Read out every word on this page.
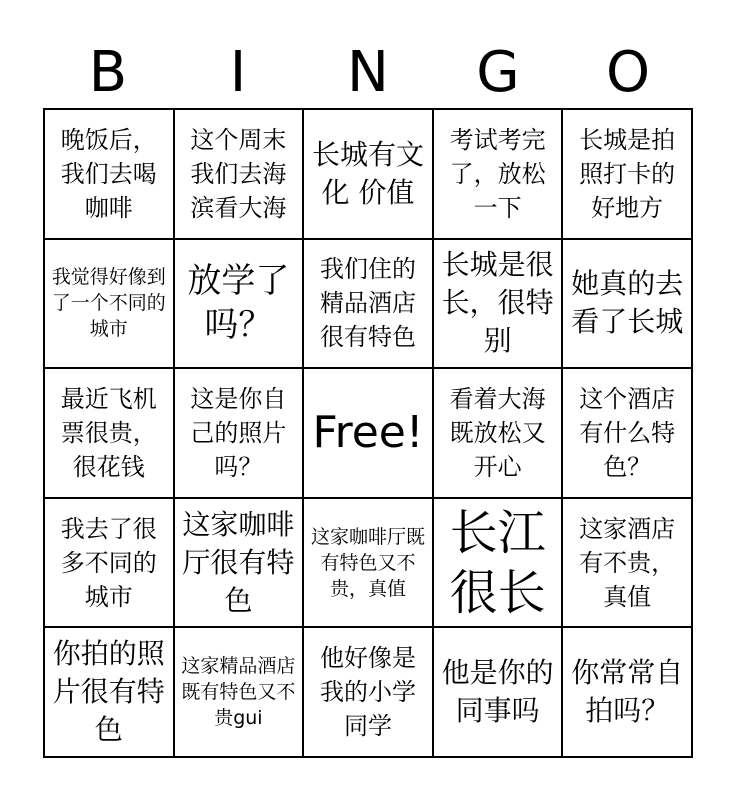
B	I	N	G	O
晚饭后，我们去喝咖啡
这个周末我们去海滨看大海
长城有文化 价值
考试考完了，放松一下
长城是拍照打卡的好地方
我觉得好像到了一个不同的城市
放学了吗？
我们住的精品酒店很有特色
长城是很长，很特别
她真的去看了长城
最近飞机票很贵，很花钱
这是你自己的照片吗？
Free!
看着大海既放松又开心
这个酒店有什么特色？
我去了很多不同的城市
这家咖啡厅很有特色
这家咖啡厅既有特色又不贵，真值
长江很长
这家酒店有不贵，真值
你拍的照片很有特色
这家精品酒店既有特色又不贵gui
他好像是我的小学同学
他是你的同事吗
你常常自拍吗？
